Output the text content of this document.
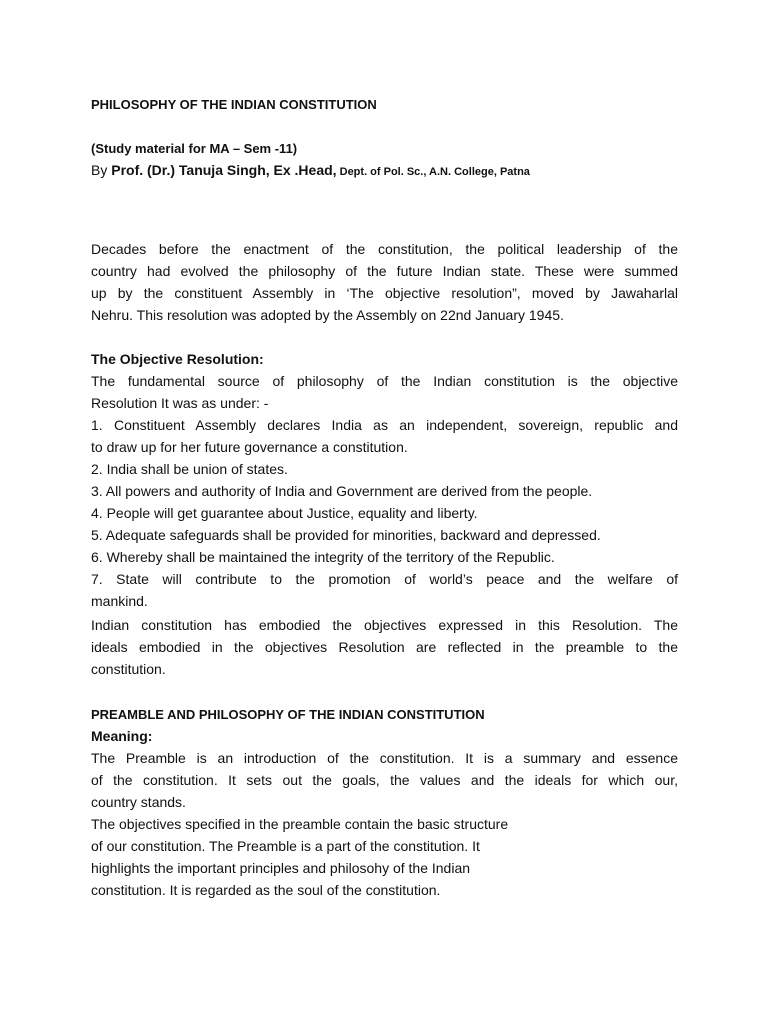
PHILOSOPHY OF THE INDIAN CONSTITUTION
(Study material for MA – Sem -11)
By Prof. (Dr.) Tanuja Singh, Ex .Head, Dept. of Pol. Sc., A.N. College, Patna
Decades before the enactment of the constitution, the political leadership of the
country had evolved the philosophy of the future Indian state. These were summed
up by the constituent Assembly in ‘The objective resolution”, moved by Jawaharlal
Nehru. This resolution was adopted by the Assembly on 22nd January 1945.
The Objective Resolution:
The fundamental source of philosophy of the Indian constitution is the objective
Resolution It was as under: -
1. Constituent Assembly declares India as an independent, sovereign, republic and
to draw up for her future governance a constitution.
2. India shall be union of states.
3. All powers and authority of India and Government are derived from the people.
4. People will get guarantee about Justice, equality and liberty.
5. Adequate safeguards shall be provided for minorities, backward and depressed.
6. Whereby shall be maintained the integrity of the territory of the Republic.
7. State will contribute to the promotion of world’s peace and the welfare of
mankind.
Indian constitution has embodied the objectives expressed in this Resolution. The
ideals embodied in the objectives Resolution are reflected in the preamble to the
constitution.
PREAMBLE AND PHILOSOPHY OF THE INDIAN CONSTITUTION
Meaning:
The Preamble is an introduction of the constitution. It is a summary and essence
of the constitution. It sets out the goals, the values and the ideals for which our,
country stands.
The objectives specified in the preamble contain the basic structure
of our constitution. The Preamble is a part of the constitution. It
highlights the important principles and philosohy of the Indian
constitution. It is regarded as the soul of the constitution.
